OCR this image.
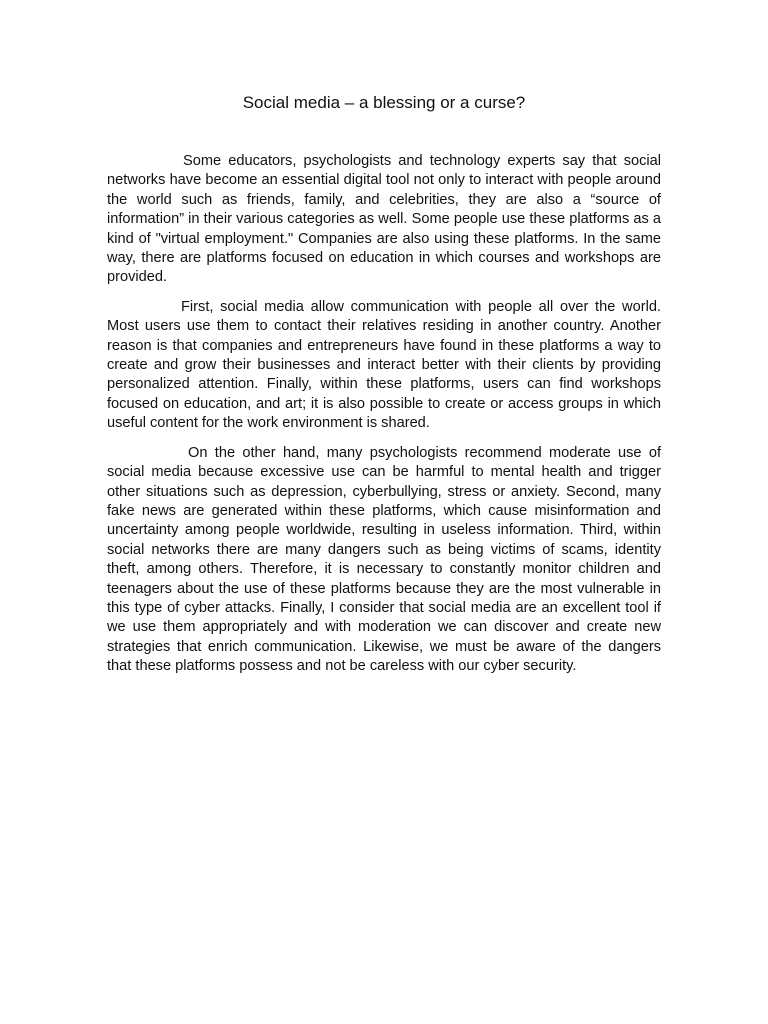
Social media – a blessing or a curse?

Some educators, psychologists and technology experts say that social networks have become an essential digital tool not only to interact with people around the world such as friends, family, and celebrities, they are also a “source of information” in their various categories as well. Some people use these platforms as a kind of "virtual employment." Companies are also using these platforms. In the same way, there are platforms focused on education in which courses and workshops are provided.

First, social media allow communication with people all over the world. Most users use them to contact their relatives residing in another country. Another reason is that companies and entrepreneurs have found in these platforms a way to create and grow their businesses and interact better with their clients by providing personalized attention. Finally, within these platforms, users can find workshops focused on education, and art; it is also possible to create or access groups in which useful content for the work environment is shared.

On the other hand, many psychologists recommend moderate use of social media because excessive use can be harmful to mental health and trigger other situations such as depression, cyberbullying, stress or anxiety. Second, many fake news are generated within these platforms, which cause misinformation and uncertainty among people worldwide, resulting in useless information. Third, within social networks there are many dangers such as being victims of scams, identity theft, among others. Therefore, it is necessary to constantly monitor children and teenagers about the use of these platforms because they are the most vulnerable in this type of cyber attacks. Finally, I consider that social media are an excellent tool if we use them appropriately and with moderation we can discover and create new strategies that enrich communication. Likewise, we must be aware of the dangers that these platforms possess and not be careless with our cyber security.
